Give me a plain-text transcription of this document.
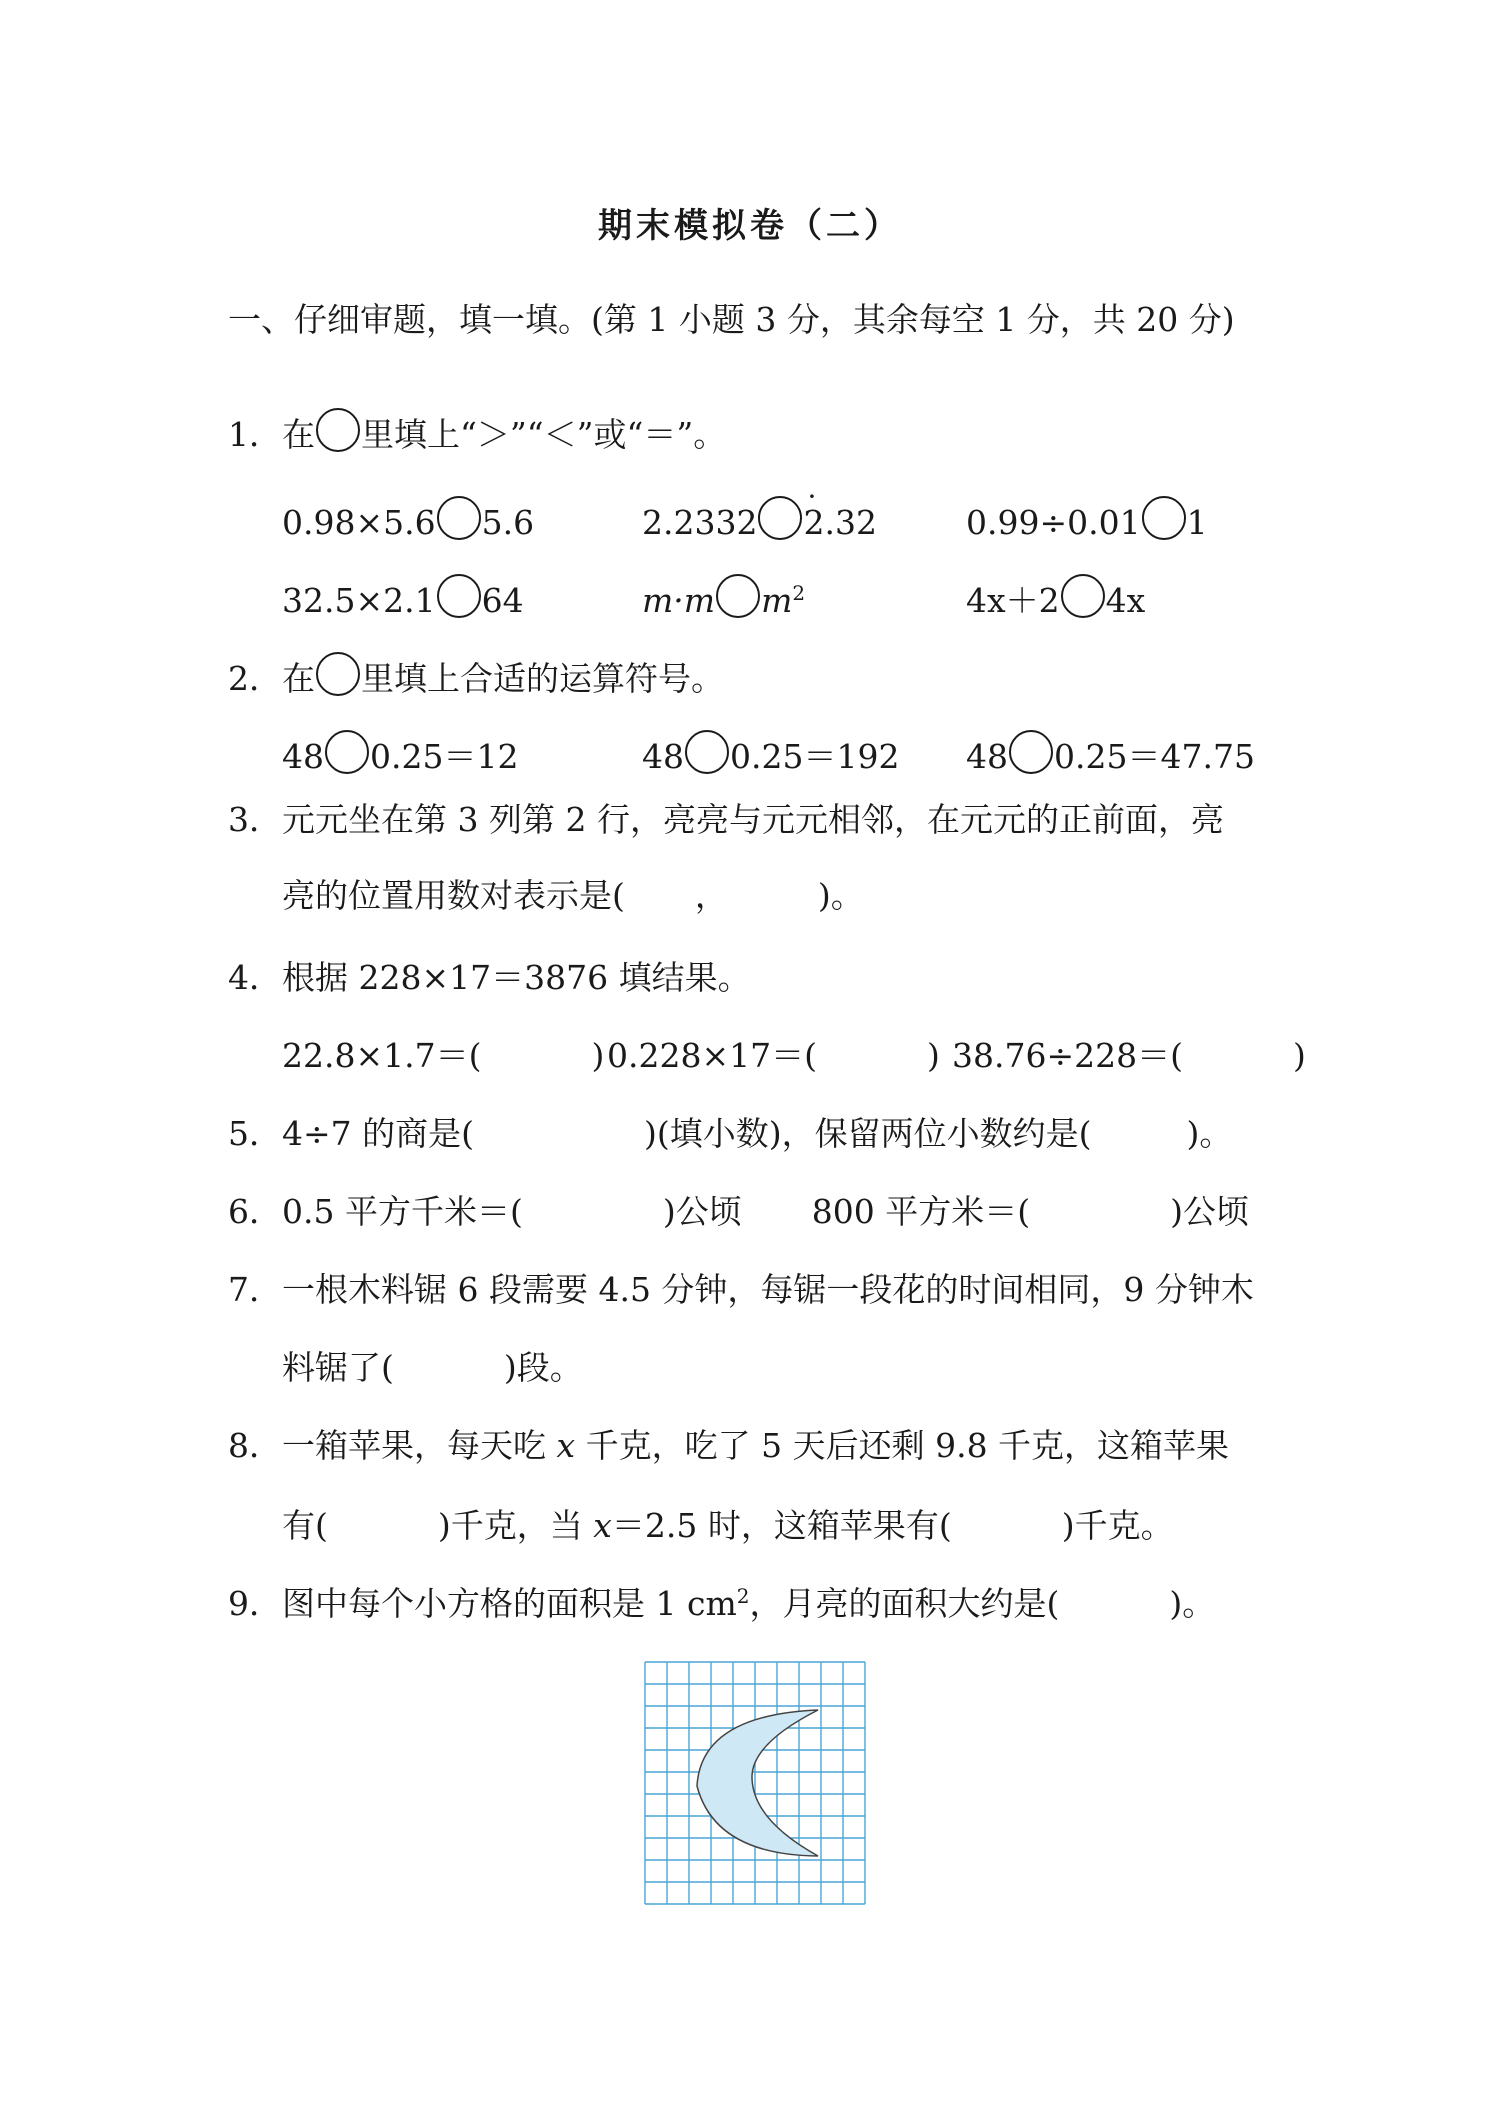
期末模拟卷（二）
一、仔细审题，填一填。(第 1 小题 3 分，其余每空 1 分，共 20 分)
1．在 里填上“＞”“＜”或“＝”。
0.98×5.6 5.6	2.2332· 2.32	0.99÷0.01 1
32.5×2.1 64	m·m $m^2$	4x＋2 4x
2．在 里填上合适的运算符号。
48 0.25＝12	48 0.25＝192 48 0.25＝47.75
3．元元坐在第 3 列第 2 行，亮亮与元元相邻，在元元的正前面，亮
亮的位置用数对表示是( ，	)。
4．根据 228×17＝3876 填结果。
22.8×1.7＝(	) 0.228×17＝(	) 38.76÷228＝(	)
5．4÷7 的商是(	)(填小数)，保留两位小数约是(	)。
6．0.5 平方千米＝(	)公顷 800 平方米＝(	)公顷
7．一根木料锯 6 段需要 4.5 分钟，每锯一段花的时间相同，9 分钟木
料锯了(	)段。
8．一箱苹果，每天吃 x 千克，吃了 5 天后还剩 9.8 千克，这箱苹果
有(	)千克，当 x＝2.5 时，这箱苹果有(	)千克。
9．图中每个小方格的面积是 1 $cm^2$，月亮的面积大约是(	)。
